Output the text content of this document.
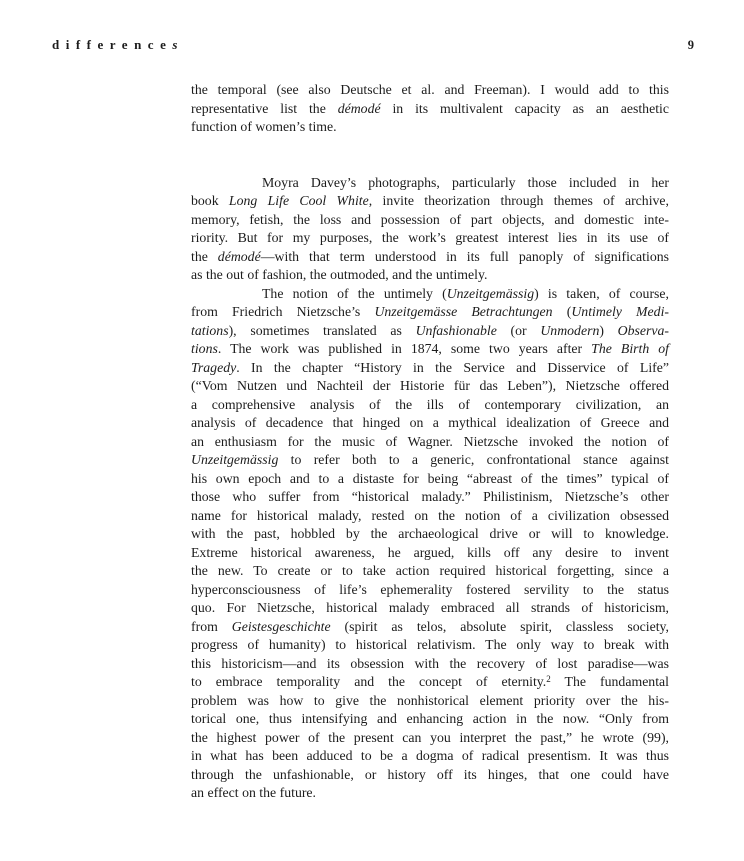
differences	9
the temporal (see also Deutsche et al. and Freeman). I would add to this
representative list the démodé in its multivalent capacity as an aesthetic
function of women’s time.
Moyra Davey’s photographs, particularly those included in her
book Long Life Cool White, invite theorization through themes of archive,
memory, fetish, the loss and possession of part objects, and domestic inte-
riority. But for my purposes, the work’s greatest interest lies in its use of
the démodé—with that term understood in its full panoply of significations
as the out of fashion, the outmoded, and the untimely.
The notion of the untimely (Unzeitgemässig) is taken, of course,
from Friedrich Nietzsche’s Unzeitgemässe Betrachtungen (Untimely Medi-
tations), sometimes translated as Unfashionable (or Unmodern) Observa-
tions. The work was published in 1874, some two years after The Birth of
Tragedy. In the chapter “History in the Service and Disservice of Life”
(“Vom Nutzen und Nachteil der Historie für das Leben”), Nietzsche offered
a comprehensive analysis of the ills of contemporary civilization, an
analysis of decadence that hinged on a mythical idealization of Greece and
an enthusiasm for the music of Wagner. Nietzsche invoked the notion of
Unzeitgemässig to refer both to a generic, confrontational stance against
his own epoch and to a distaste for being “abreast of the times” typical of
those who suffer from “historical malady.” Philistinism, Nietzsche’s other
name for historical malady, rested on the notion of a civilization obsessed
with the past, hobbled by the archaeological drive or will to knowledge.
Extreme historical awareness, he argued, kills off any desire to invent
the new. To create or to take action required historical forgetting, since a
hyperconsciousness of life’s ephemerality fostered servility to the status
quo. For Nietzsche, historical malady embraced all strands of historicism,
from Geistesgeschichte (spirit as telos, absolute spirit, classless society,
progress of humanity) to historical relativism. The only way to break with
this historicism—and its obsession with the recovery of lost paradise—was
to embrace temporality and the concept of eternity.$^2$ The fundamental
problem was how to give the nonhistorical element priority over the his-
torical one, thus intensifying and enhancing action in the now. “Only from
the highest power of the present can you interpret the past,” he wrote (99),
in what has been adduced to be a dogma of radical presentism. It was thus
through the unfashionable, or history off its hinges, that one could have
an effect on the future.
